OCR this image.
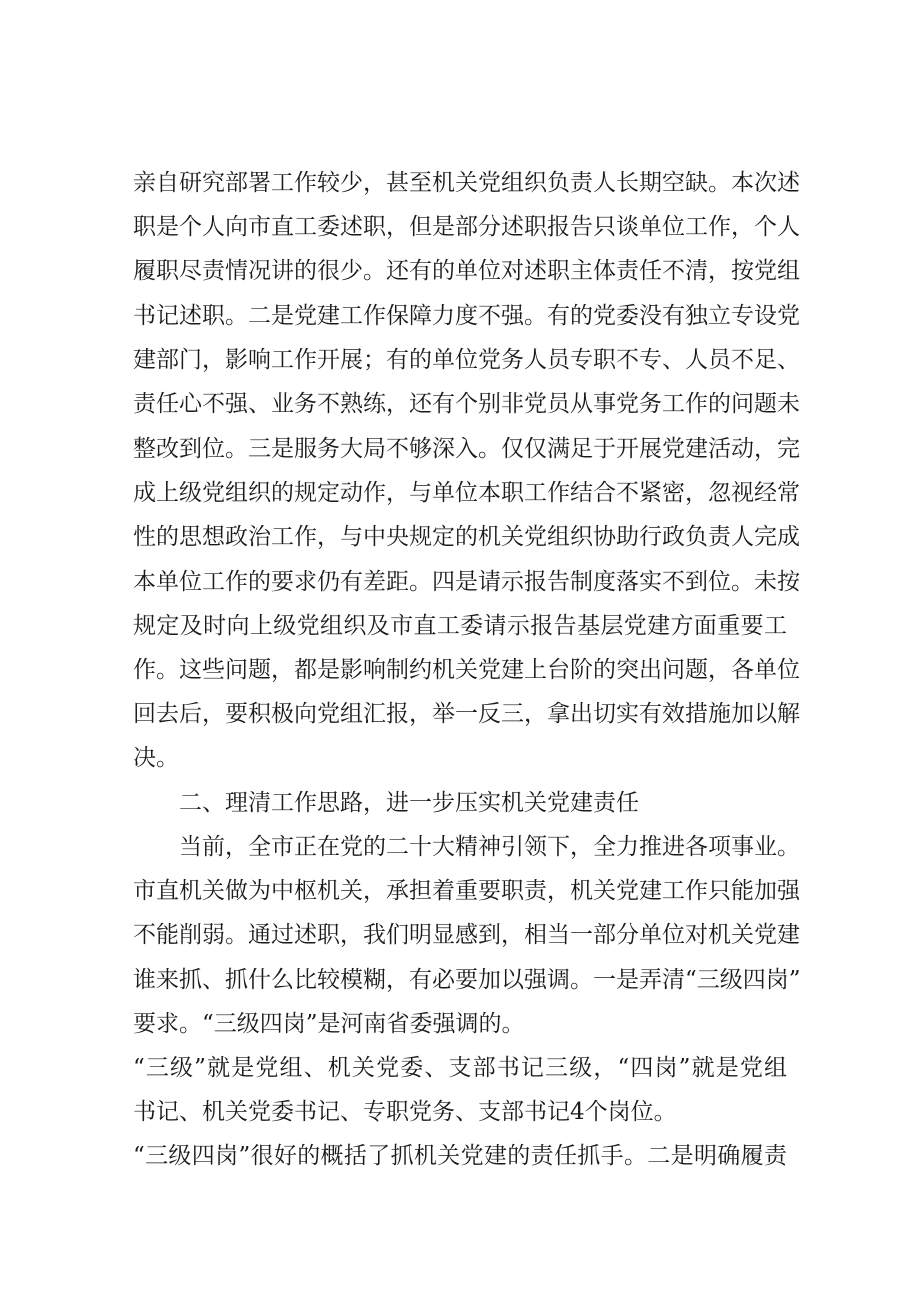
亲自研究部署工作较少，甚至机关党组织负责人长期空缺。本次述
职是个人向市直工委述职，但是部分述职报告只谈单位工作，个人
履职尽责情况讲的很少。还有的单位对述职主体责任不清，按党组
书记述职。二是党建工作保障力度不强。有的党委没有独立专设党
建部门，影响工作开展；有的单位党务人员专职不专、人员不足、
责任心不强、业务不熟练，还有个别非党员从事党务工作的问题未
整改到位。三是服务大局不够深入。仅仅满足于开展党建活动，完
成上级党组织的规定动作，与单位本职工作结合不紧密，忽视经常
性的思想政治工作，与中央规定的机关党组织协助行政负责人完成
本单位工作的要求仍有差距。四是请示报告制度落实不到位。未按
规定及时向上级党组织及市直工委请示报告基层党建方面重要工
作。这些问题，都是影响制约机关党建上台阶的突出问题，各单位
回去后，要积极向党组汇报，举一反三，拿出切实有效措施加以解
决。
二、理清工作思路，进一步压实机关党建责任
当前，全市正在党的二十大精神引领下，全力推进各项事业。
市直机关做为中枢机关，承担着重要职责，机关党建工作只能加强
不能削弱。通过述职，我们明显感到，相当一部分单位对机关党建
谁来抓、抓什么比较模糊，有必要加以强调。一是弄清“三级四岗”
要求。“三级四岗”是河南省委强调的。
“三级”就是党组、机关党委、支部书记三级，“四岗”就是党组
书记、机关党委书记、专职党务、支部书记4个岗位。
“三级四岗”很好的概括了抓机关党建的责任抓手。二是明确履责
